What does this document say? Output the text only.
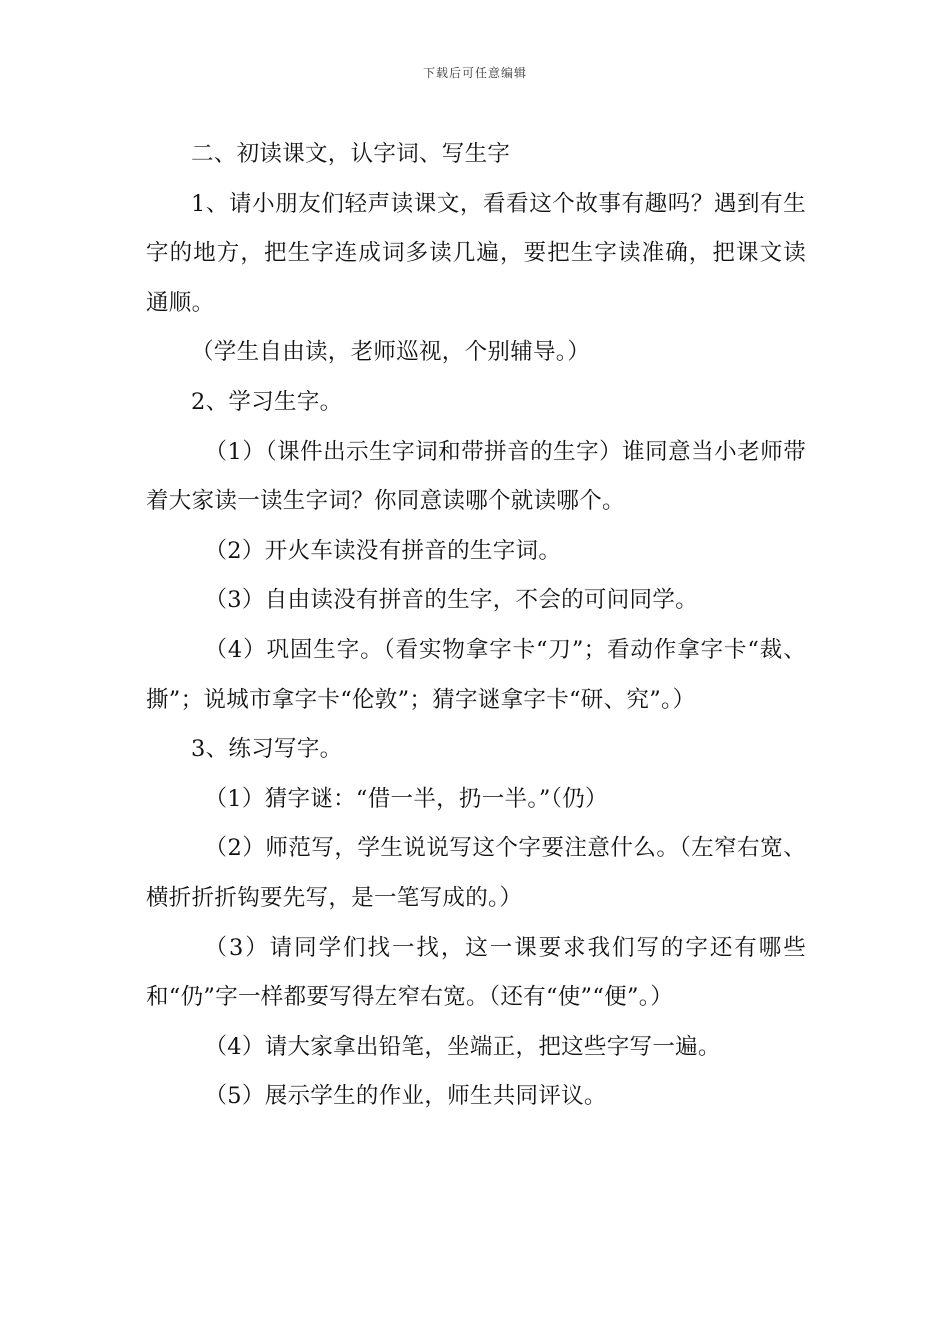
下载后可任意编辑

二、初读课文，认字词、写生字

1、请小朋友们轻声读课文，看看这个故事有趣吗？遇到有生字的地方，把生字连成词多读几遍，要把生字读准确，把课文读通顺。

（学生自由读，老师巡视，个别辅导。）

2、学习生字。

（1）（课件出示生字词和带拼音的生字）谁同意当小老师带着大家读一读生字词？你同意读哪个就读哪个。

（2）开火车读没有拼音的生字词。

（3）自由读没有拼音的生字，不会的可问同学。

（4）巩固生字。（看实物拿字卡“刀”；看动作拿字卡“裁、撕”；说城市拿字卡“伦敦”；猜字谜拿字卡“研、究”。）

3、练习写字。

（1）猜字谜：“借一半，扔一半。”（仍）

（2）师范写，学生说说写这个字要注意什么。（左窄右宽、横折折折钩要先写，是一笔写成的。）

（3）请同学们找一找，这一课要求我们写的字还有哪些和“仍”字一样都要写得左窄右宽。（还有“使”“便”。）

（4）请大家拿出铅笔，坐端正，把这些字写一遍。

（5）展示学生的作业，师生共同评议。
